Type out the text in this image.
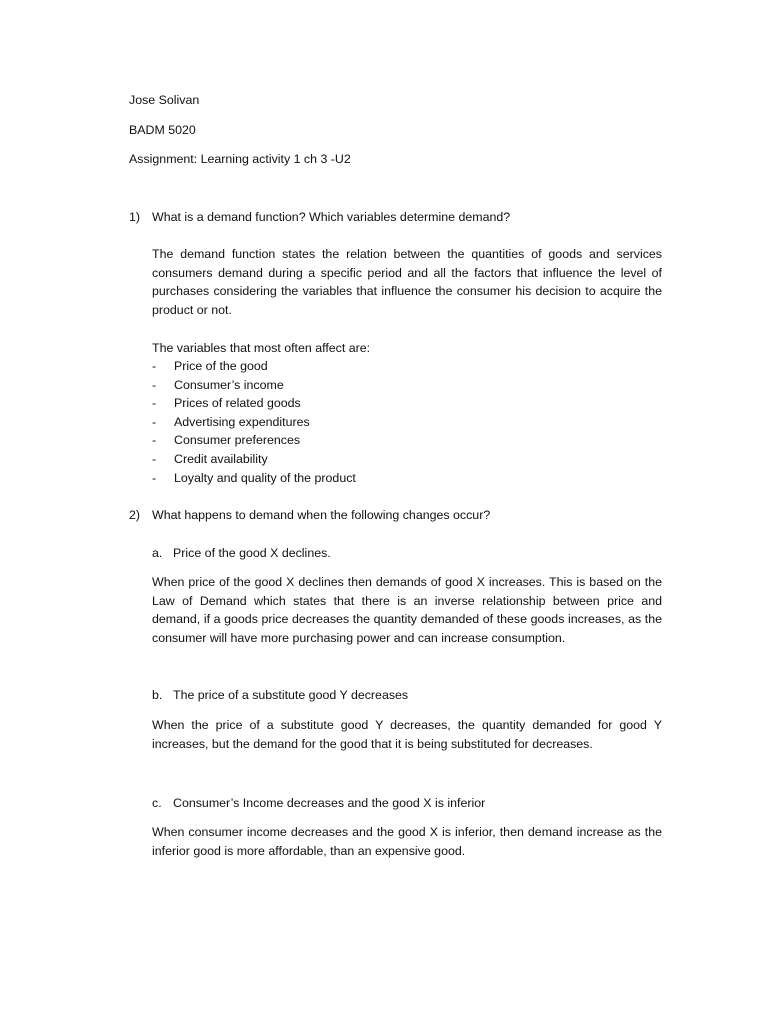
Jose Solivan
BADM 5020
Assignment: Learning activity 1 ch 3 -U2
1) What is a demand function? Which variables determine demand?
The demand function states the relation between the quantities of goods and services consumers demand during a specific period and all the factors that influence the level of purchases considering the variables that influence the consumer his decision to acquire the product or not.
The variables that most often affect are:
- Price of the good
- Consumer’s income
- Prices of related goods
- Advertising expenditures
- Consumer preferences
- Credit availability
- Loyalty and quality of the product
2) What happens to demand when the following changes occur?
a. Price of the good X declines.
When price of the good X declines then demands of good X increases. This is based on the Law of Demand which states that there is an inverse relationship between price and demand, if a goods price decreases the quantity demanded of these goods increases, as the consumer will have more purchasing power and can increase consumption.
b. The price of a substitute good Y decreases
When the price of a substitute good Y decreases, the quantity demanded for good Y increases, but the demand for the good that it is being substituted for decreases.
c. Consumer’s Income decreases and the good X is inferior
When consumer income decreases and the good X is inferior, then demand increase as the inferior good is more affordable, than an expensive good.
